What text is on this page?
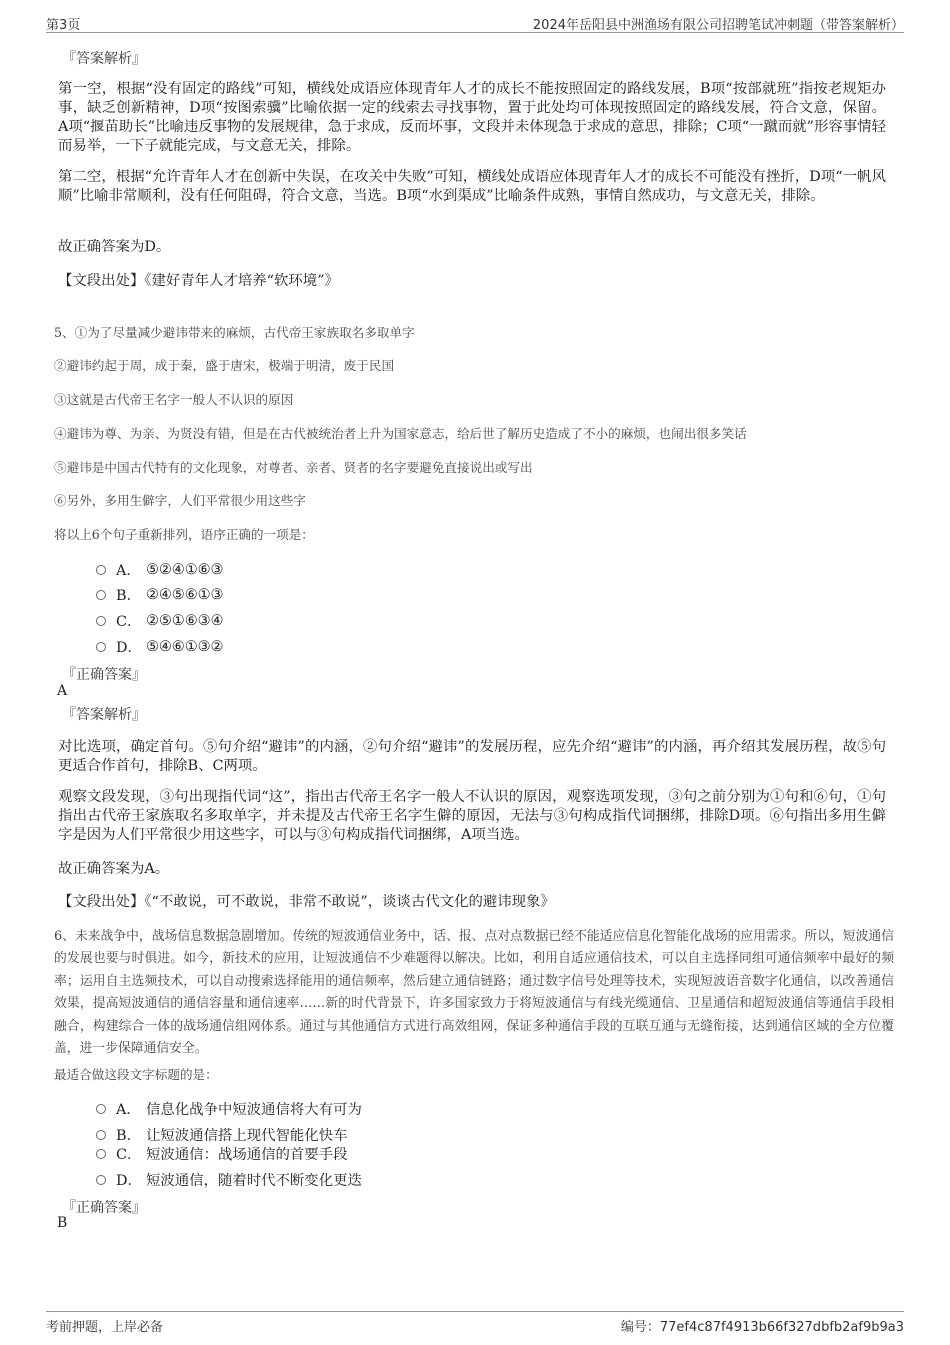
第3页	2024年岳阳县中洲渔场有限公司招聘笔试冲刺题（带答案解析）
『答案解析』

第一空，根据“没有固定的路线”可知，横线处成语应体现青年人才的成长不能按照固定的路线发展，B项“按部就班”指按老规矩办事，缺乏创新精神，D项“按图索骥”比喻依据一定的线索去寻找事物，置于此处均可体现按照固定的路线发展，符合文意，保留。A项“揠苗助长”比喻违反事物的发展规律，急于求成，反而坏事，文段并未体现急于求成的意思，排除；C项“一蹴而就”形容事情轻而易举，一下子就能完成，与文意无关，排除。

第二空，根据“允许青年人才在创新中失误，在攻关中失败”可知，横线处成语应体现青年人才的成长不可能没有挫折，D项“一帆风顺”比喻非常顺利，没有任何阻碍，符合文意，当选。B项“水到渠成”比喻条件成熟，事情自然成功，与文意无关，排除。

故正确答案为D。

【文段出处】《建好青年人才培养“软环境”》

5、①为了尽量减少避讳带来的麻烦，古代帝王家族取名多取单字
②避讳约起于周，成于秦，盛于唐宋，极端于明清，废于民国
③这就是古代帝王名字一般人不认识的原因
④避讳为尊、为亲、为贤没有错，但是在古代被统治者上升为国家意志，给后世了解历史造成了不小的麻烦，也闹出很多笑话
⑤避讳是中国古代特有的文化现象，对尊者、亲者、贤者的名字要避免直接说出或写出
⑥另外，多用生僻字，人们平常很少用这些字
将以上6个句子重新排列，语序正确的一项是：
A． ⑤②④①⑥③
B． ②④⑤⑥①③
C． ②⑤①⑥③④
D． ⑤④⑥①③②
『正确答案』
A
『答案解析』

对比选项，确定首句。⑤句介绍“避讳”的内涵，②句介绍“避讳”的发展历程，应先介绍“避讳”的内涵，再介绍其发展历程，故⑤句更适合作首句，排除B、C两项。

观察文段发现，③句出现指代词“这”，指出古代帝王名字一般人不认识的原因，观察选项发现，③句之前分别为①句和⑥句，①句指出古代帝王家族取名多取单字，并未提及古代帝王名字生僻的原因，无法与③句构成指代词捆绑，排除D项。⑥句指出多用生僻字是因为人们平常很少用这些字，可以与③句构成指代词捆绑，A项当选。

故正确答案为A。

【文段出处】《“不敢说，可不敢说，非常不敢说”，谈谈古代文化的避讳现象》

6、未来战争中，战场信息数据急剧增加。传统的短波通信业务中，话、报、点对点数据已经不能适应信息化智能化战场的应用需求。所以，短波通信的发展也要与时俱进。如今，新技术的应用，让短波通信不少难题得以解决。比如，利用自适应通信技术，可以自主选择同组可通信频率中最好的频率；运用自主选频技术，可以自动搜索选择能用的通信频率，然后建立通信链路；通过数字信号处理等技术，实现短波语音数字化通信，以改善通信效果，提高短波通信的通信容量和通信速率……新的时代背景下，许多国家致力于将短波通信与有线光缆通信、卫星通信和超短波通信等通信手段相融合，构建综合一体的战场通信组网体系。通过与其他通信方式进行高效组网，保证多种通信手段的互联互通与无缝衔接，达到通信区域的全方位覆盖，进一步保障通信安全。

最适合做这段文字标题的是：
A． 信息化战争中短波通信将大有可为
B． 让短波通信搭上现代智能化快车
C． 短波通信：战场通信的首要手段
D． 短波通信，随着时代不断变化更迭
『正确答案』
B
考前押题，上岸必备	编号：77ef4c87f4913b66f327dbfb2af9b9a3
